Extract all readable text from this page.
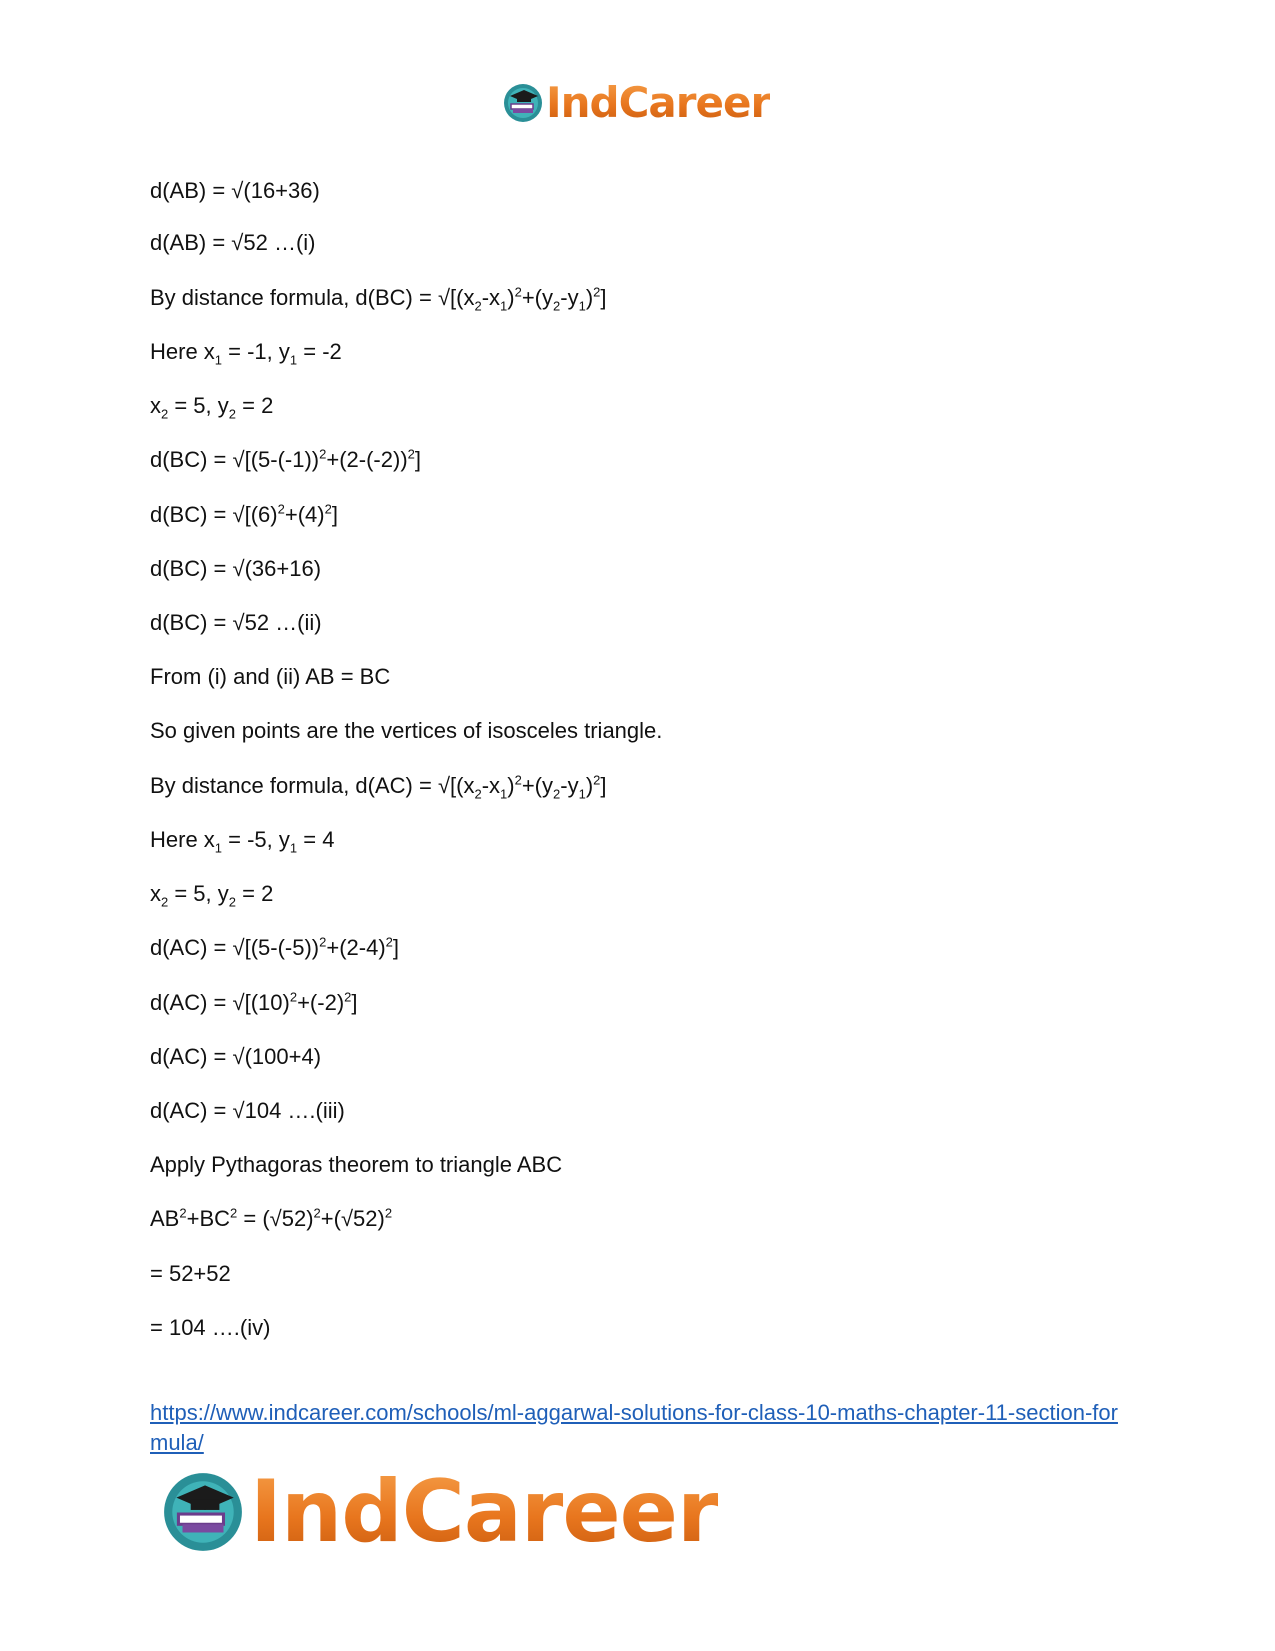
IndCareer
d(AB) = √(16+36)
d(AB) = √52 …(i)
By distance formula, $d(BC) = √[(x_2-x_1)^2+(y_2-y_1)^2]$
Here $x_1 = -1$, $y_1 = -2$
$x_2 = 5$, $y_2 = 2$
$d(BC) = √[(5-(-1))^2+(2-(-2))^2]$
$d(BC) = √[(6)^2+(4)^2]$
d(BC) = √(36+16)
d(BC) = √52 …(ii)
From (i) and (ii) AB = BC
So given points are the vertices of isosceles triangle.
By distance formula, $d(AC) = √[(x_2-x_1)^2+(y_2-y_1)^2]$
Here $x_1 = -5$, $y_1 = 4$
$x_2 = 5$, $y_2 = 2$
$d(AC) = √[(5-(-5))^2+(2-4)^2]$
$d(AC) = √[(10)^2+(-2)^2]$
d(AC) = √(100+4)
d(AC) = √104 ….(iii)
Apply Pythagoras theorem to triangle ABC
$AB^2+BC^2 = (√52)^2+(√52)^2$
= 52+52
= 104 ….(iv)
https://www.indcareer.com/schools/ml-aggarwal-solutions-for-class-10-maths-chapter-11-section-formula/
IndCareer
